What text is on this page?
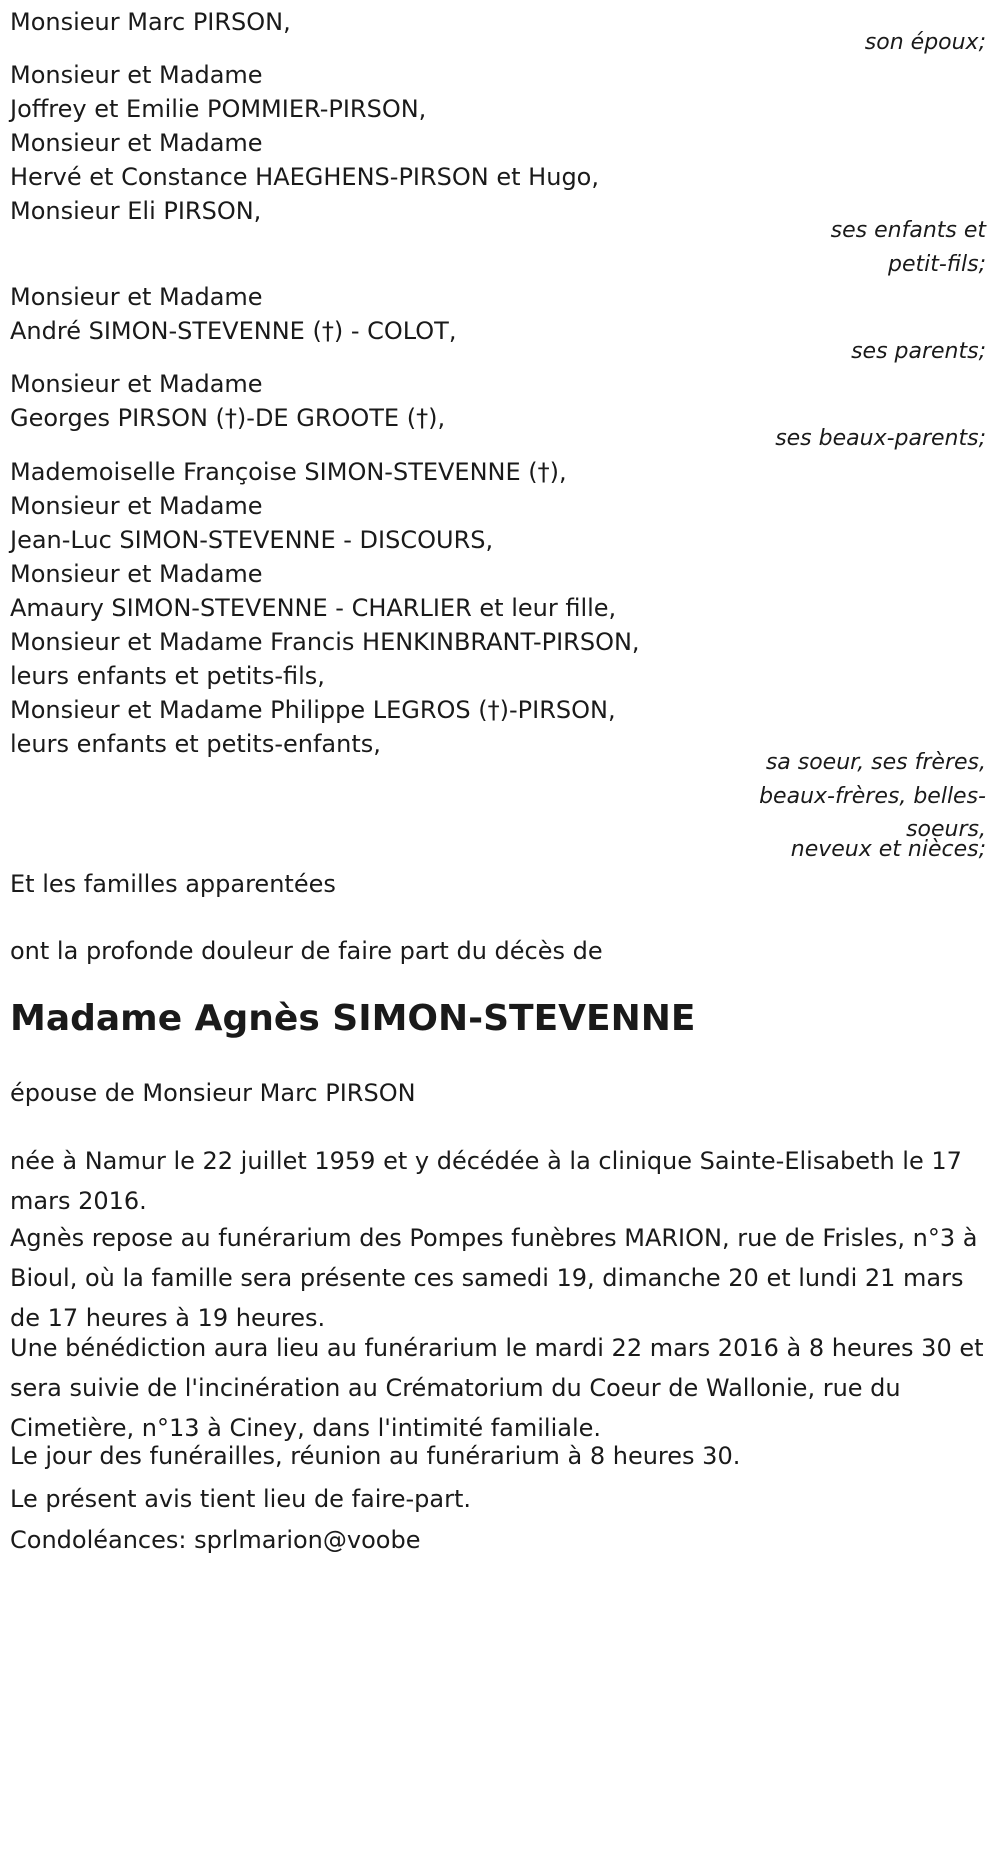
Monsieur Marc PIRSON,
son époux;
Monsieur et Madame
Joffrey et Emilie POMMIER-PIRSON,
Monsieur et Madame
Hervé et Constance HAEGHENS-PIRSON et Hugo,
Monsieur Eli PIRSON,
ses enfants et
petit-fils;
Monsieur et Madame
André SIMON-STEVENNE (†) - COLOT,
ses parents;
Monsieur et Madame
Georges PIRSON (†)-DE GROOTE (†),
ses beaux-parents;
Mademoiselle Françoise SIMON-STEVENNE (†),
Monsieur et Madame
Jean-Luc SIMON-STEVENNE - DISCOURS,
Monsieur et Madame
Amaury SIMON-STEVENNE - CHARLIER et leur fille,
Monsieur et Madame Francis HENKINBRANT-PIRSON,
leurs enfants et petits-fils,
Monsieur et Madame Philippe LEGROS (†)-PIRSON,
leurs enfants et petits-enfants,
sa soeur, ses frères,
beaux-frères, belles-
soeurs,
neveux et nièces;
Et les familles apparentées
ont la profonde douleur de faire part du décès de
Madame Agnès SIMON-STEVENNE
épouse de Monsieur Marc PIRSON
née à Namur le 22 juillet 1959 et y décédée à la clinique Sainte-Elisabeth le 17 mars 2016.
Agnès repose au funérarium des Pompes funèbres MARION, rue de Frisles, n°3 à Bioul, où la famille sera présente ces samedi 19, dimanche 20 et lundi 21 mars de 17 heures à 19 heures.
Une bénédiction aura lieu au funérarium le mardi 22 mars 2016 à 8 heures 30 et sera suivie de l'incinération au Crématorium du Coeur de Wallonie, rue du Cimetière, n°13 à Ciney, dans l'intimité familiale.
Le jour des funérailles, réunion au funérarium à 8 heures 30.
Le présent avis tient lieu de faire-part.
Condoléances: sprlmarion@voobe
